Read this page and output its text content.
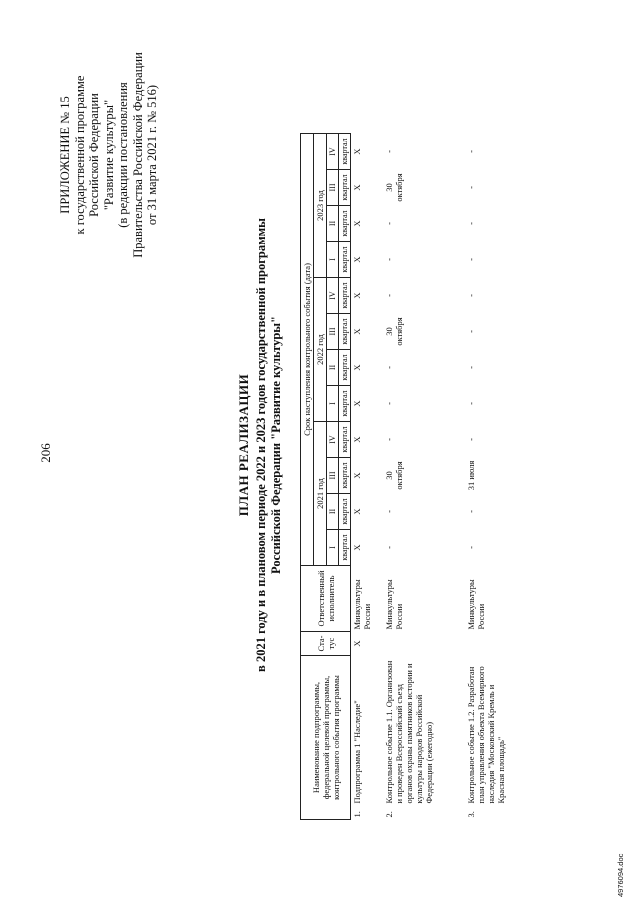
206
ПРИЛОЖЕНИЕ № 15 к государственной программе Российской Федерации "Развитие культуры" (в редакции постановления Правительства Российской Федерации от 31 марта 2021 г. № 516)
ПЛАН РЕАЛИЗАЦИИ в 2021 году и в плановом периоде 2022 и 2023 годов государственной программы Российской Федерации "Развитие культуры"
Наименование подпрограммы, федеральной целевой программы, контрольного события программы		Ста-тус	Ответственный исполнитель	Срок наступления контрольного события (дата)											
				2021 год				2022 год				2023 год			
				I	II	III	IV	I	II	III	IV	I	II	III	IV
				квартал	квартал	квартал	квартал	квартал	квартал	квартал	квартал	квартал	квартал	квартал	квартал
1.	Подпрограмма 1 "Наследие"	X	Минкультуры России	X	X	X	X	X	X	X	X	X	X	X	X
2.	Контрольное событие 1.1. Организован и проведен Всероссийский съезд органов охраны памятников истории и культуры народов Российской Федерации (ежегодно)		Минкультуры России	-	-	30 октября	-	-	-	30 октября	-	-	-	30 октября	-
3.	Контрольное событие 1.2. Разработан план управления объекта Всемирного наследия "Московский Кремль и Красная площадь"		Минкультуры России	-	-	31 июля	-	-	-	-	-	-	-	-	-
4976094.doc
